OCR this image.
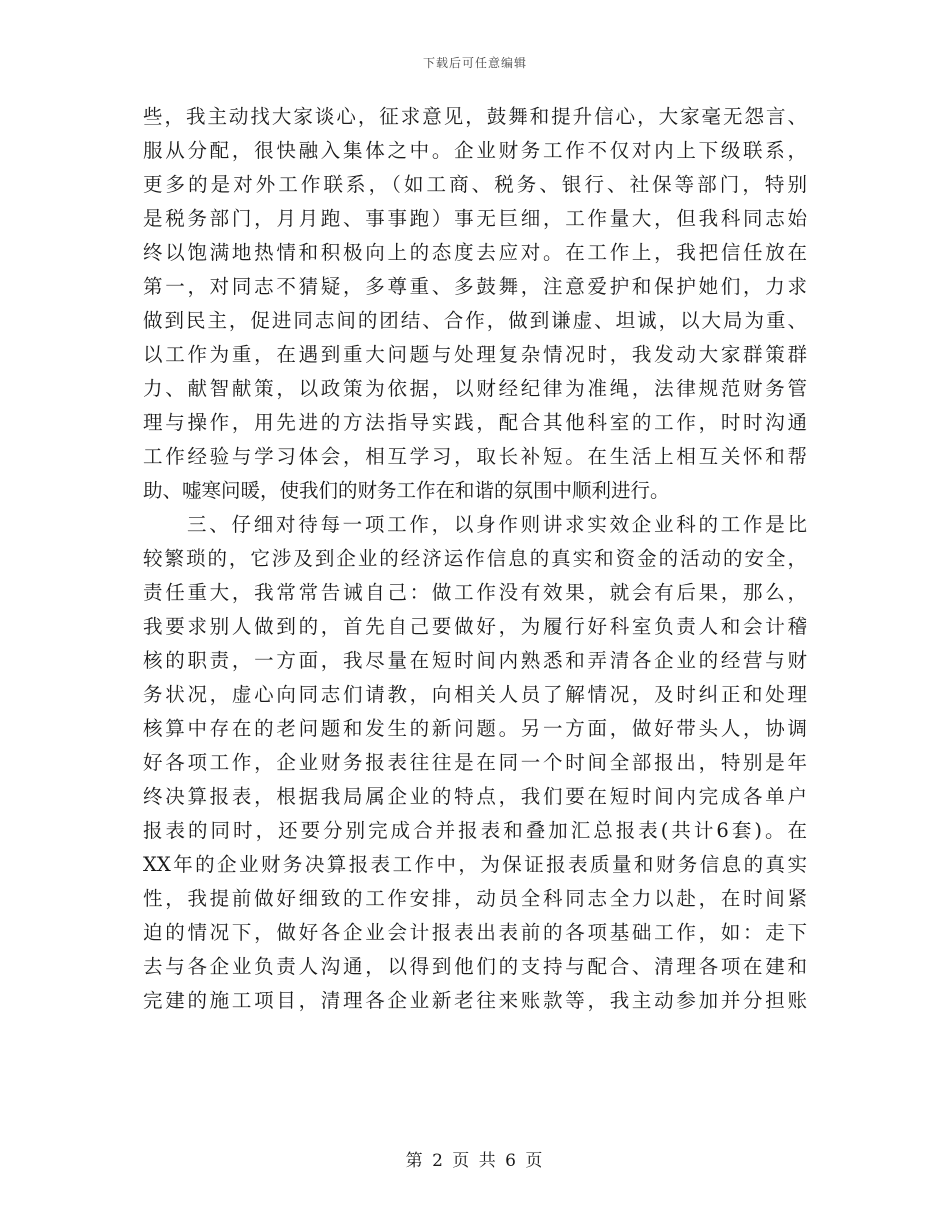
下载后可任意编辑
些，我主动找大家谈心，征求意见，鼓舞和提升信心，大家毫无怨言、
服从分配，很快融入集体之中。企业财务工作不仅对内上下级联系，
更多的是对外工作联系，（如工商、税务、银行、社保等部门，特别
是税务部门，月月跑、事事跑）事无巨细，工作量大，但我科同志始
终以饱满地热情和积极向上的态度去应对。在工作上，我把信任放在
第一，对同志不猜疑，多尊重、多鼓舞，注意爱护和保护她们，力求
做到民主，促进同志间的团结、合作，做到谦虚、坦诚，以大局为重、
以工作为重，在遇到重大问题与处理复杂情况时，我发动大家群策群
力、献智献策，以政策为依据，以财经纪律为准绳，法律规范财务管
理与操作，用先进的方法指导实践，配合其他科室的工作，时时沟通
工作经验与学习体会，相互学习，取长补短。在生活上相互关怀和帮
助、嘘寒问暖，使我们的财务工作在和谐的氛围中顺利进行。
三、仔细对待每一项工作，以身作则讲求实效企业科的工作是比
较繁琐的，它涉及到企业的经济运作信息的真实和资金的活动的安全，
责任重大，我常常告诫自己：做工作没有效果，就会有后果，那么，
我要求别人做到的，首先自己要做好，为履行好科室负责人和会计稽
核的职责，一方面，我尽量在短时间内熟悉和弄清各企业的经营与财
务状况，虚心向同志们请教，向相关人员了解情况，及时纠正和处理
核算中存在的老问题和发生的新问题。另一方面，做好带头人，协调
好各项工作，企业财务报表往往是在同一个时间全部报出，特别是年
终决算报表，根据我局属企业的特点，我们要在短时间内完成各单户
报表的同时，还要分别完成合并报表和叠加汇总报表(共计6套)。在
XX年的企业财务决算报表工作中，为保证报表质量和财务信息的真实
性，我提前做好细致的工作安排，动员全科同志全力以赴，在时间紧
迫的情况下，做好各企业会计报表出表前的各项基础工作，如：走下
去与各企业负责人沟通，以得到他们的支持与配合、清理各项在建和
完建的施工项目，清理各企业新老往来账款等，我主动参加并分担账
第 2 页 共 6 页
